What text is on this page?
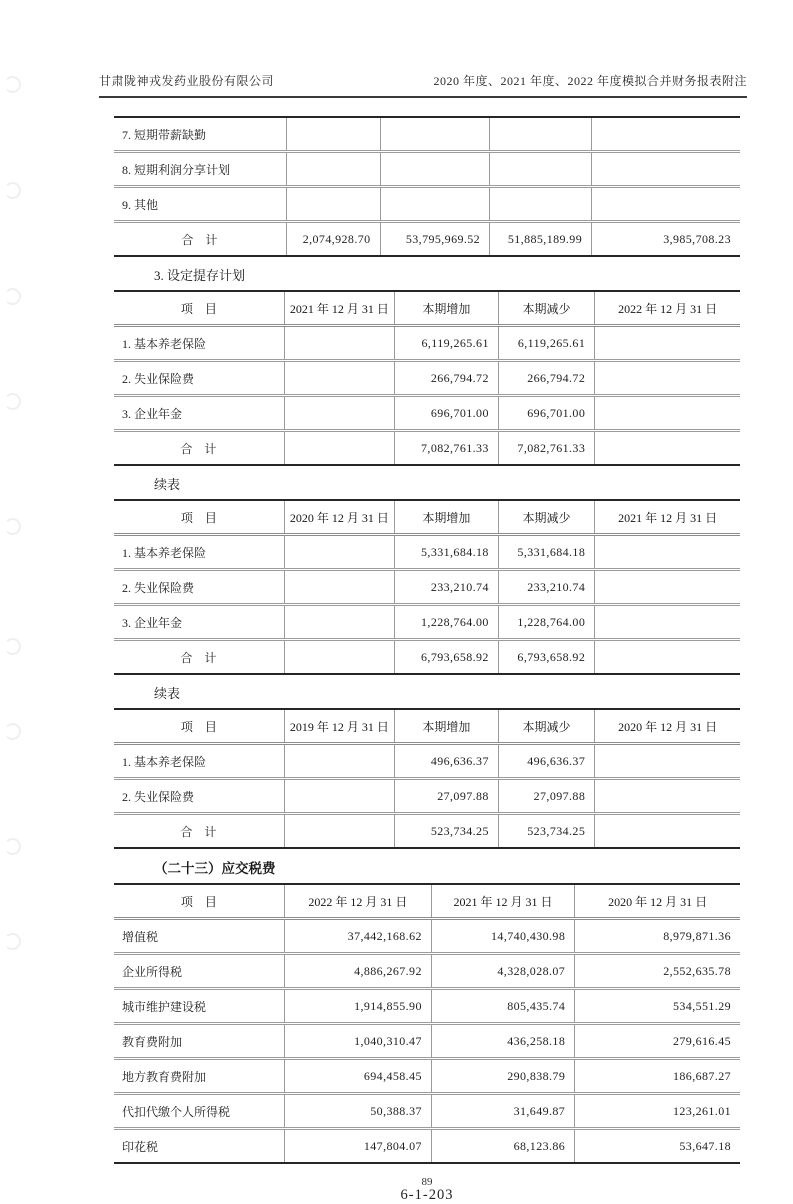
甘肃陇神戎发药业股份有限公司	2020 年度、2021 年度、2022 年度模拟合并财务报表附注
7. 短期带薪缺勤				
8. 短期利润分享计划				
9. 其他				
合　计	2,074,928.70	53,795,969.52	51,885,189.99	3,985,708.23
3. 设定提存计划
项　目	2021 年 12 月 31 日	本期增加	本期减少	2022 年 12 月 31 日
1. 基本养老保险		6,119,265.61	6,119,265.61	
2. 失业保险费		266,794.72	266,794.72	
3. 企业年金		696,701.00	696,701.00	
合　计		7,082,761.33	7,082,761.33	
续表
项　目	2020 年 12 月 31 日	本期增加	本期减少	2021 年 12 月 31 日
1. 基本养老保险		5,331,684.18	5,331,684.18	
2. 失业保险费		233,210.74	233,210.74	
3. 企业年金		1,228,764.00	1,228,764.00	
合　计		6,793,658.92	6,793,658.92	
续表
项　目	2019 年 12 月 31 日	本期增加	本期减少	2020 年 12 月 31 日
1. 基本养老保险		496,636.37	496,636.37	
2. 失业保险费		27,097.88	27,097.88	
合　计		523,734.25	523,734.25	
（二十三）应交税费
项　目	2022 年 12 月 31 日	2021 年 12 月 31 日	2020 年 12 月 31 日
增值税	37,442,168.62	14,740,430.98	8,979,871.36
企业所得税	4,886,267.92	4,328,028.07	2,552,635.78
城市维护建设税	1,914,855.90	805,435.74	534,551.29
教育费附加	1,040,310.47	436,258.18	279,616.45
地方教育费附加	694,458.45	290,838.79	186,687.27
代扣代缴个人所得税	50,388.37	31,649.87	123,261.01
印花税	147,804.07	68,123.86	53,647.18
89
6-1-203
